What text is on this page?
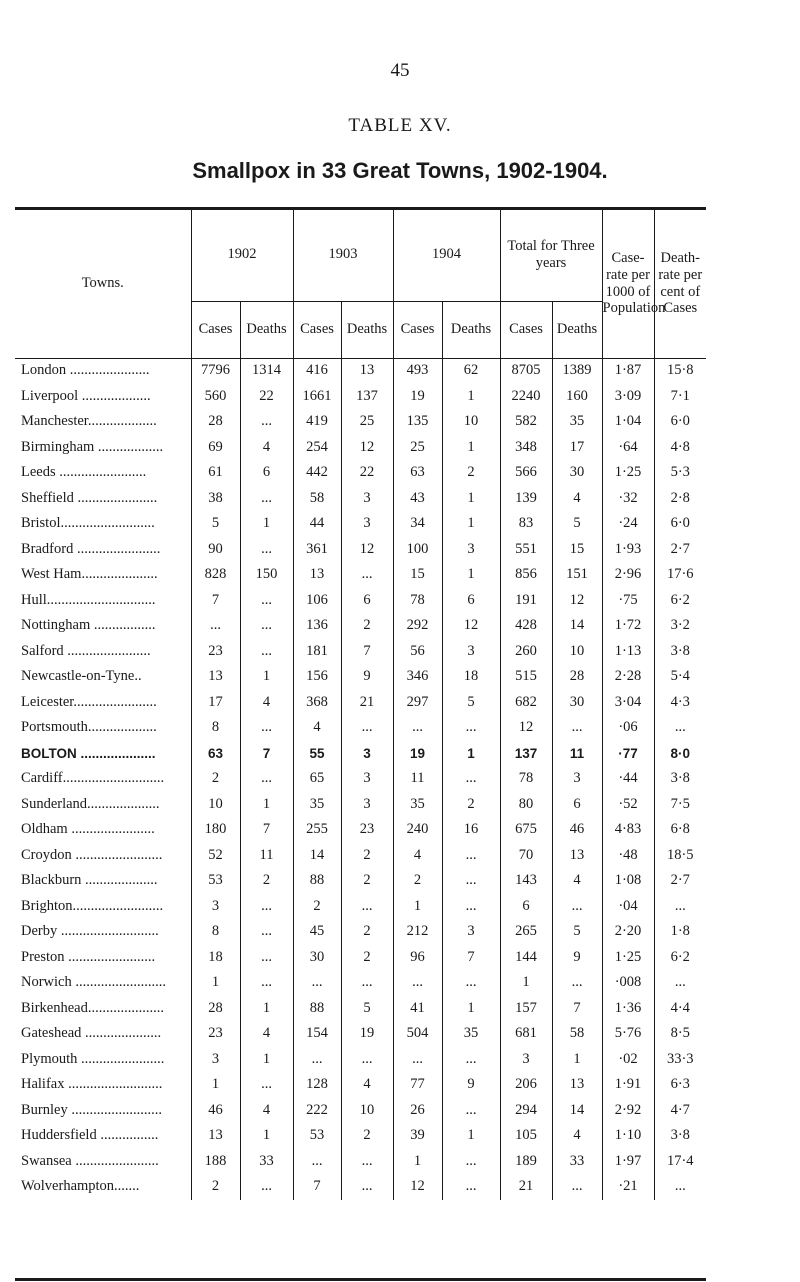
45
TABLE XV.
Smallpox in 33 Great Towns, 1902-1904.
Towns.	1902		1903		1904		Total for Three years		Case-rate per 1000 of Population	Death-rate per cent of Cases
	Cases	Deaths	Cases	Deaths	Cases	Deaths	Cases	Deaths		
London ......................	7796	1314	416	13	493	62	8705	1389	1·87	15·8
Liverpool ...................	560	22	1661	137	19	1	2240	160	3·09	7·1
Manchester...................	28	...	419	25	135	10	582	35	1·04	6·0
Birmingham ..................	69	4	254	12	25	1	348	17	·64	4·8
Leeds ........................	61	6	442	22	63	2	566	30	1·25	5·3
Sheffield ......................	38	...	58	3	43	1	139	4	·32	2·8
Bristol..........................	5	1	44	3	34	1	83	5	·24	6·0
Bradford .......................	90	...	361	12	100	3	551	15	1·93	2·7
West Ham.....................	828	150	13	...	15	1	856	151	2·96	17·6
Hull..............................	7	...	106	6	78	6	191	12	·75	6·2
Nottingham .................	...	...	136	2	292	12	428	14	1·72	3·2
Salford .......................	23	...	181	7	56	3	260	10	1·13	3·8
Newcastle-on-Tyne..	13	1	156	9	346	18	515	28	2·28	5·4
Leicester.......................	17	4	368	21	297	5	682	30	3·04	4·3
Portsmouth...................	8	...	4	...	...	...	12	...	·06	...
BOLTON ....................	63	7	55	3	19	1	137	11	·77	8·0
Cardiff............................	2	...	65	3	11	...	78	3	·44	3·8
Sunderland....................	10	1	35	3	35	2	80	6	·52	7·5
Oldham .......................	180	7	255	23	240	16	675	46	4·83	6·8
Croydon ........................	52	11	14	2	4	...	70	13	·48	18·5
Blackburn ....................	53	2	88	2	2	...	143	4	1·08	2·7
Brighton.........................	3	...	2	...	1	...	6	...	·04	...
Derby ...........................	8	...	45	2	212	3	265	5	2·20	1·8
Preston ........................	18	...	30	2	96	7	144	9	1·25	6·2
Norwich .........................	1	...	...	...	...	...	1	...	·008	...
Birkenhead.....................	28	1	88	5	41	1	157	7	1·36	4·4
Gateshead .....................	23	4	154	19	504	35	681	58	5·76	8·5
Plymouth .......................	3	1	...	...	...	...	3	1	·02	33·3
Halifax ..........................	1	...	128	4	77	9	206	13	1·91	6·3
Burnley .........................	46	4	222	10	26	...	294	14	2·92	4·7
Huddersfield ................	13	1	53	2	39	1	105	4	1·10	3·8
Swansea .......................	188	33	...	...	1	...	189	33	1·97	17·4
Wolverhampton.......	2	...	7	...	12	...	21	...	·21	...
